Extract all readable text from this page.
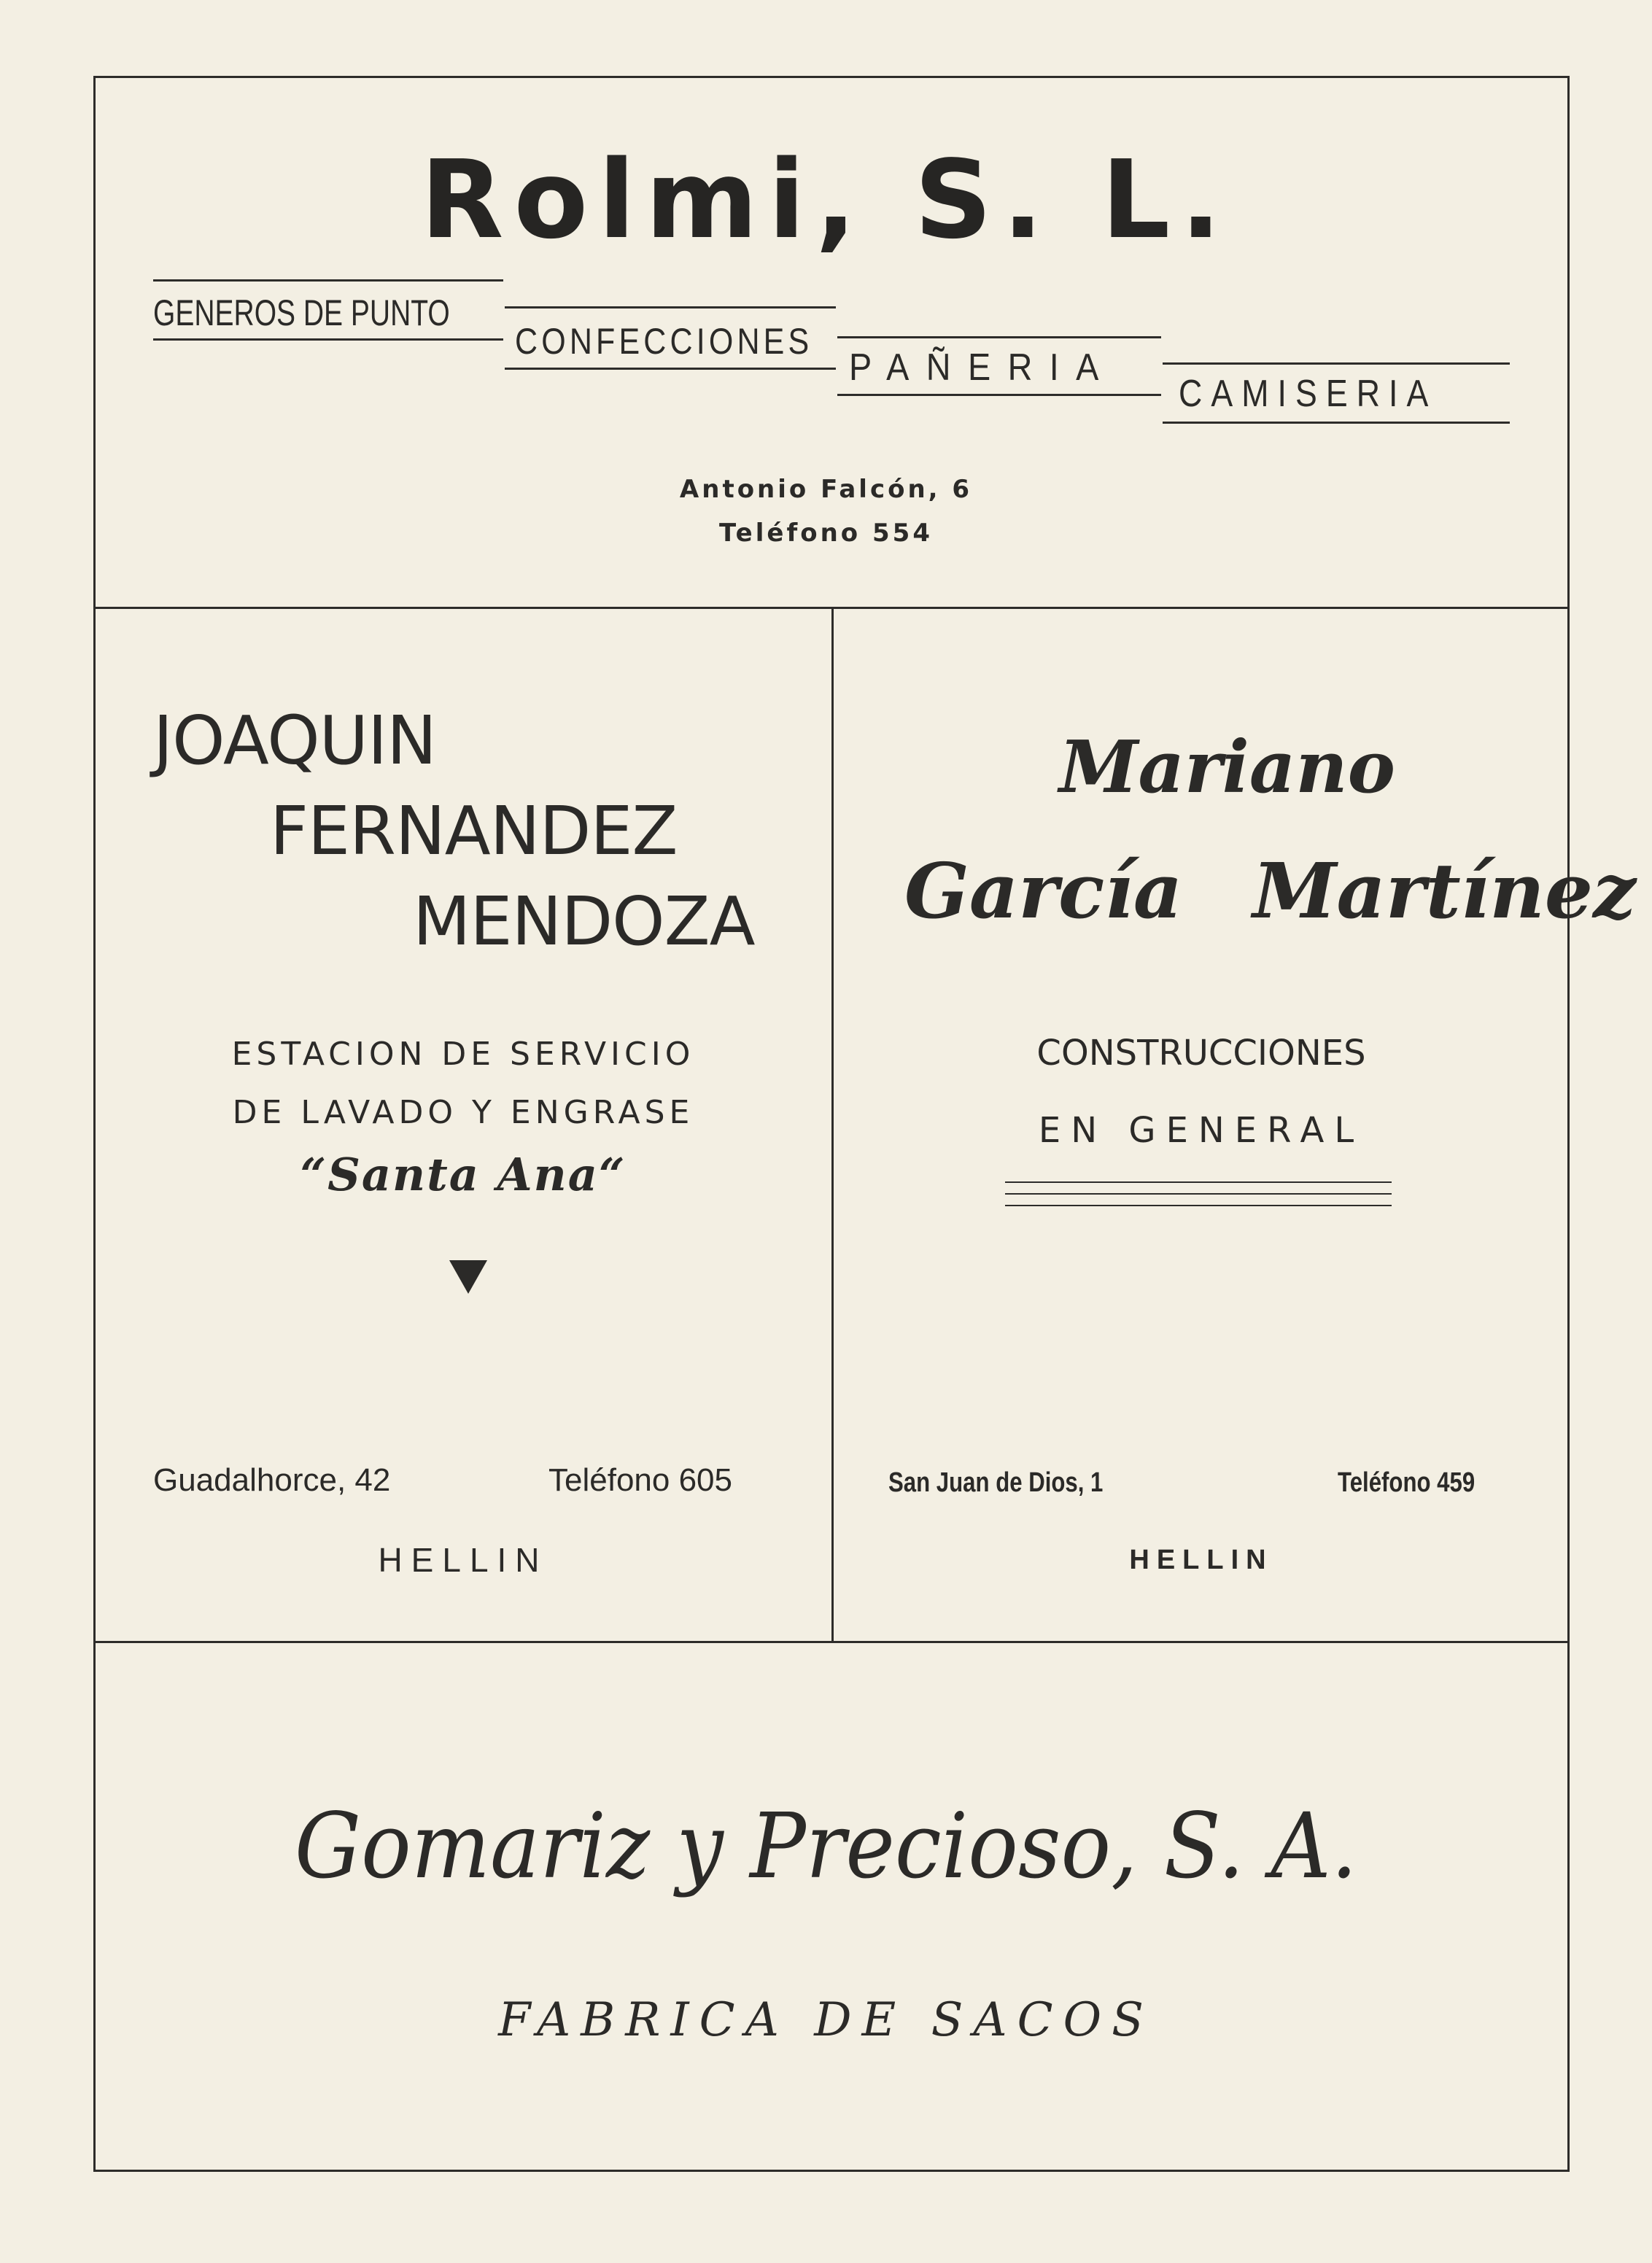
Rolmi, S. L.
GENEROS DE PUNTO
CONFECCIONES
PAÑERIA
CAMISERIA
Antonio Falcón, 6
Teléfono 554
JOAQUIN
FERNANDEZ
MENDOZA
ESTACION DE SERVICIO
DE LAVADO Y ENGRASE
“Santa Ana“
Guadalhorce, 42	Teléfono 605
HELLIN
Mariano
García Martínez
CONSTRUCCIONES
EN GENERAL
San Juan de Dios, 1	Teléfono 459
HELLIN
Gomariz y Precioso, S. A.
FABRICA DE SACOS
